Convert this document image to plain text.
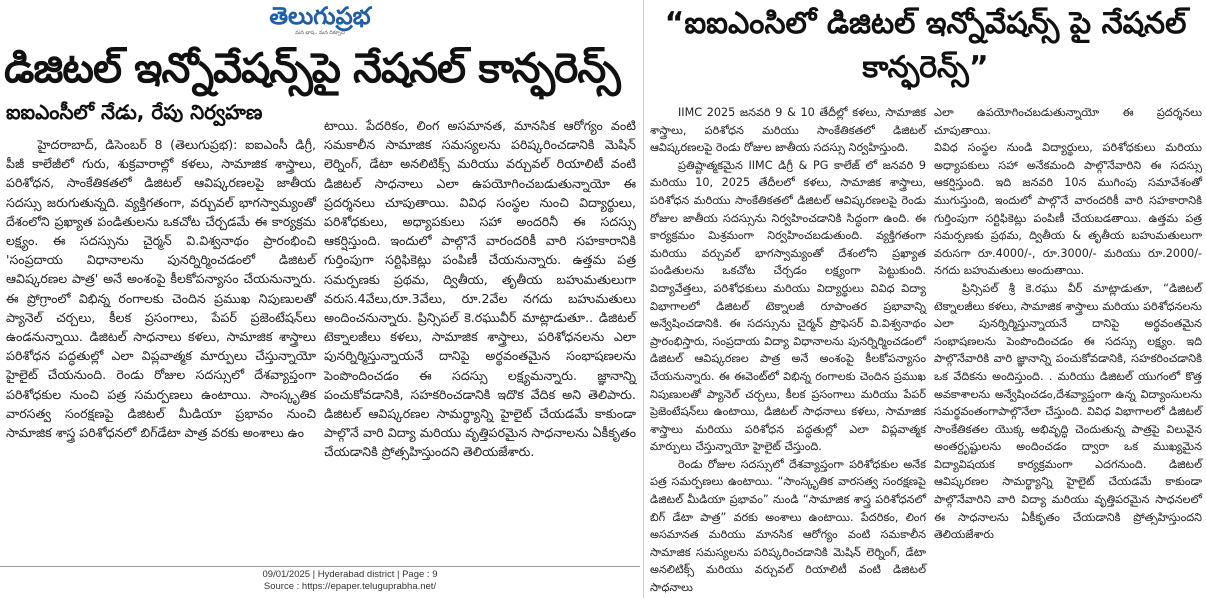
తెలుగుప్రభ
మన భాష.. మన దిక్సూచి
డిజిటల్ ఇన్నోవేషన్స్‌పై నేషనల్ కాన్ఫరెన్స్
ఐఐఎంసీలో నేడు, రేపు నిర్వహణ

హైదరాబాద్, డిసెంబర్ 8 (తెలుగుప్రభ): ఐఐఎంసీ డిగ్రీ, పీజీ కాలేజీలో గురు, శుక్రవారాల్లో కళలు, సామాజిక శాస్త్రాలు, పరిశోధన, సాంకేతికతలో డిజిటల్ ఆవిష్కరణలపై జాతీయ సదస్సు జరుగుతున్నది. వ్యక్తిగతంగా, వర్చువల్ భాగస్వామ్యంతో దేశంలోని ప్రఖ్యాత పండితులను ఒకచోట చేర్చడమే ఈ కార్యక్రమ లక్ష్యం. ఈ సదస్సును చైర్మన్ వి.విశ్వనాథం ప్రారంభించి 'సంప్రదాయ విధానాలను పునర్నిర్మించడంలో డిజిటల్ ఆవిష్కరణల పాత్ర' అనే అంశంపై కీలకోపన్యాసం చేయనున్నారు. ఈ ప్రోగ్రాంలో విభిన్న రంగాలకు చెందిన ప్రముఖ నిపుణులతో ప్యానెల్ చర్చలు, కీలక ప్రసంగాలు, పేపర్ ప్రజెంటేషన్‌లు ఉండనున్నాయి. డిజిటల్ సాధనాలు కళలు, సామాజిక శాస్త్రాలు పరిశోధన పద్ధతుల్లో ఎలా విప్లవాత్మక మార్పులు చేస్తున్నాయో హైలైట్ చేయనుంది. రెండు రోజుల సదస్సులో దేశవ్యాప్తంగా పరిశోధకుల నుంచి పత్ర సమర్పణలు ఉంటాయి. సాంస్కృతిక వారసత్వ సంరక్షణపై డిజిటల్ మీడియా ప్రభావం నుంచి సామాజిక శాస్త్ర పరిశోధనలో బిగ్‌డేటా పాత్ర వరకు అంశాలు ఉం

టాయి. పేదరికం, లింగ అసమానత, మానసిక ఆరోగ్యం వంటి సమకాలీన సామాజిక సమస్యలను పరిష్కరించడానికి మెషిన్ లెర్నింగ్, డేటా అనలిటిక్స్ మరియు వర్చువల్ రియాలిటీ వంటి డిజిటల్ సాధనాలు ఎలా ఉపయోగించబడుతున్నాయో ఈ ప్రదర్శనలు చూపుతాయి. వివిధ సంస్థల నుంచి విద్యార్థులు, పరిశోధకులు, అధ్యాపకులు సహా అందరినీ ఈ సదస్సు ఆకర్షిస్తుంది. ఇందులో పాల్గొనే వారందరికీ వారి సహకారానికి గుర్తింపుగా సర్టిఫికెట్లు పంపిణీ చేయనున్నారు. ఉత్తమ పత్ర సమర్పణకు ప్రథమ, ద్వితీయ, తృతీయ బహుమతులుగా వరుస.4వేలు,రూ.3వేలు, రూ.2వేల నగదు బహుమతులు అందించనున్నారు. ప్రిన్సిపల్ కె.రఘువీర్ మాట్లాడుతూ.. డిజిటల్ టెక్నాలజీలు కళలు, సామాజిక శాస్త్రాలు, పరిశోధనలను ఎలా పునర్నిర్మిస్తున్నాయనే దానిపై అర్థవంతమైన సంభాషణలను పెంపొందించడం ఈ సదస్సు లక్ష్యమన్నారు. జ్ఞానాన్ని పంచుకోవడానికి, సహకరించడానికి ఇదొక వేదిక అని తెలిపారు. డిజిటల్ ఆవిష్కరణల సామర్థ్యాన్ని హైలైట్ చేయడమే కాకుండా పాల్గొనే వారి విద్యా మరియు వృత్తిపరమైన సాధనాలను ఏకీకృతం చేయడానికి ప్రోత్సహిస్తుందని తెలియజేశారు.

09/01/2025 | Hyderabad district | Page : 9
Source : https://epaper.teluguprabha.net/
“ఐఐఎంసిలో డిజిటల్ ఇన్నోవేషన్స్ పై నేషనల్ కాన్ఫరెన్స్”

IIMC 2025 జనవరి 9 & 10 తేదీల్లో కళలు, సామాజిక శాస్త్రాలు, పరిశోధన మరియు సాంకేతికతలో డిజిటల్ ఆవిష్కరణలపై రెండు రోజుల జాతీయ సదస్సు నిర్వహిస్తుంది.

ప్రతిష్టాత్మకమైన IIMC డిగ్రీ & PG కాలేజ్ లో జనవరి 9 మరియు 10, 2025 తేదీలలో కళలు, సామాజిక శాస్త్రాలు, పరిశోధన మరియు సాంకేతికతలో డిజిటల్ ఆవిష్కరణలపై రెండు రోజుల జాతీయ సదస్సును నిర్వహించడానికి సిద్ధంగా ఉంది. ఈ కార్యక్రమం మిశ్రమంగా నిర్వహించబడుతుంది. వ్యక్తిగతంగా మరియు వర్చువల్ భాగస్వామ్యంతో దేశంలోని ప్రఖ్యాత పండితులను ఒకచోట చేర్చడం లక్ష్యంగా పెట్టుకుంది. విద్యావేత్తలు, పరిశోధకులు మరియు విద్యార్థులు వివిధ విద్యా విభాగాలలో డిజిటల్ టెక్నాలజీ రూపాంతర ప్రభావాన్ని అన్వేషించడానికి. ఈ సదస్సును చైర్మన్ ప్రొఫెసర్ వి.విశ్వనాథం ప్రారంభిస్తారు, సంప్రదాయ విద్యా విధానాలను పునర్నిర్మించడంలో డిజిటల్ ఆవిష్కరణల పాత్ర అనే అంశంపై కీలకోపన్యాసం చేయనున్నారు. ఈ ఈవెంట్‌లో విభిన్న రంగాలకు చెందిన ప్రముఖ నిపుణులతో ప్యానెల్ చర్చలు, కీలక ప్రసంగాలు మరియు పేపర్ ప్రెజెంటేషన్‌లు ఉంటాయి, డిజిటల్ సాధనాలు కళలు, సామాజిక శాస్త్రాలు మరియు పరిశోధన పద్ధతుల్లో ఎలా విప్లవాత్మక మార్పులు చేస్తున్నాయో హైలైట్ చేస్తుంది.

రెండు రోజుల సదస్సులో దేశవ్యాప్తంగా పరిశోధకుల అనేక పత్ర సమర్పణలు ఉంటాయి. “సాంస్కృతిక వారసత్వ సంరక్షణపై డిజిటల్ మీడియా ప్రభావం” నుండి “సామాజిక శాస్త్ర పరిశోధనలో బిగ్ డేటా పాత్ర” వరకు అంశాలు ఉంటాయి. పేదరికం, లింగ అసమానత మరియు మానసిక ఆరోగ్యం వంటి సమకాలీన సామాజిక సమస్యలను పరిష్కరించడానికి మెషిన్ లెర్నింగ్, డేటా అనలిటిక్స్ మరియు వర్చువల్ రియాలిటీ వంటి డిజిటల్ సాధనాలు

ఎలా ఉపయోగించబడుతున్నాయో ఈ ప్రదర్శనలు చూపుతాయి.

వివిధ సంస్థల నుండి విద్యార్థులు, పరిశోధకులు మరియు అధ్యాపకులు సహా అనేకమంది పాల్గొనేవారిని ఈ సదస్సు ఆకర్షిస్తుంది. ఇది జనవరి 10న ముగింపు సమావేశంతో ముగుస్తుంది, ఇందులో పాల్గొనే వారందరికీ వారి సహకారానికి గుర్తింపుగా సర్టిఫికెట్లు పంపిణీ చేయబడతాయి. ఉత్తమ పత్ర సమర్పణకు ప్రథమ, ద్వితీయ & తృతీయ బహుమతులుగా వరుసగా రూ.4000/-, రూ.3000/- మరియు రూ.2000/- నగదు బహుమతులు అందుతాయి.

ప్రిన్సిపల్ శ్రీ కె.రఘు వీర్ మాట్లాడుతూ, “డిజిటల్ టెక్నాలజీలు కళలు, సామాజిక శాస్త్రాలు మరియు పరిశోధనలను ఎలా పునర్నిర్మిస్తున్నాయనే దానిపై అర్థవంతమైన సంభాషణలను పెంపొందించడం ఈ సదస్సు లక్ష్యం. ఇది పాల్గొనేవారికి వారి జ్ఞానాన్ని పంచుకోవడానికి, సహకరించడానికి ఒక వేదికను అందిస్తుంది. . మరియు డిజిటల్ యుగంలో కొత్త అవకాశాలను అన్వేషించడం,దేశవ్యాప్తంగా ఉన్న విద్యాంసులను సమర్థవంతంగాపాల్గొనేలా చేస్తుంది. వివిధ విభాగాలలో డిజిటల్ సాంకేతికతల యొక్క అభివృద్ధి చెందుతున్న పాత్రపై విలువైన అంతర్దృష్టులను అందించడం ద్వారా ఒక ముఖ్యమైన విద్యావిషయక కార్యక్రమంగా ఎదగనుంది. డిజిటల్ ఆవిష్కరణల సామర్థ్యాన్ని హైలైట్ చేయడమే కాకుండా పాల్గొనేవారిని వారి విద్యా మరియు వృత్తిపరమైన సాధనలలో ఈ సాధనాలను ఏకీకృతం చేయడానికి ప్రోత్సహిస్తుందని తెలియజేశారు
